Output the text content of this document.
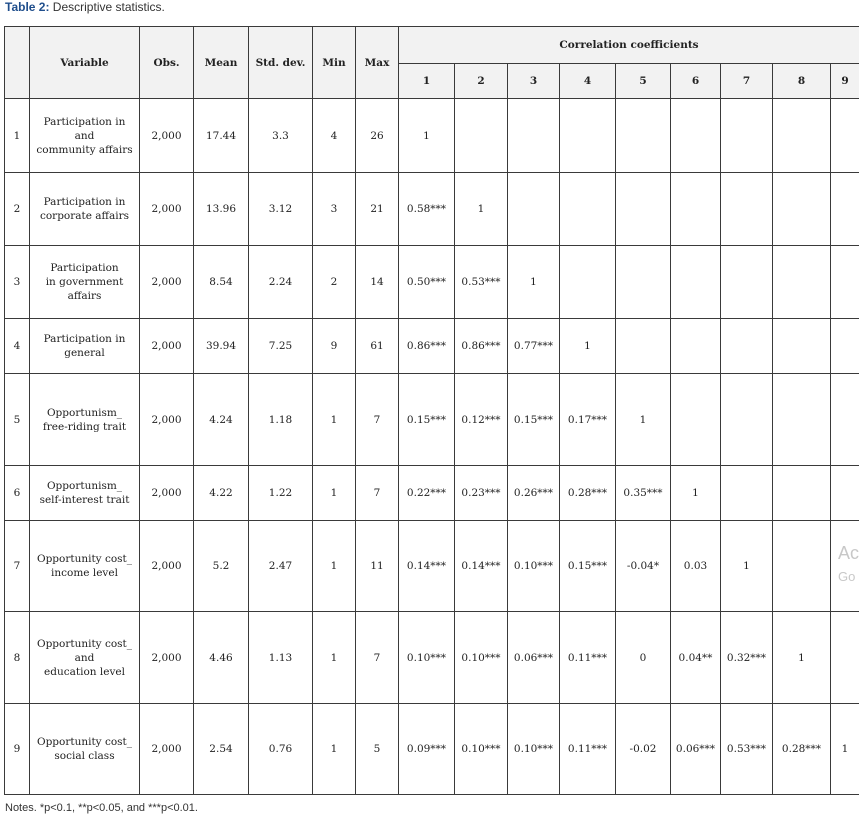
Table 2: Descriptive statistics.
	Variable	Obs.	Mean	Std. dev.	Min	Max	Correlation coefficients								
							1	2	3	4	5	6	7	8	9
1	Participation in
and
community affairs	2,000	17.44	3.3	4	26	1								
2	Participation in
corporate affairs	2,000	13.96	3.12	3	21	0.58***	1							
3	Participation
in government
affairs	2,000	8.54	2.24	2	14	0.50***	0.53***	1						
4	Participation in
general	2,000	39.94	7.25	9	61	0.86***	0.86***	0.77***	1					
5	Opportunism_
free-riding trait	2,000	4.24	1.18	1	7	0.15***	0.12***	0.15***	0.17***	1				
6	Opportunism_
self-interest trait	2,000	4.22	1.22	1	7	0.22***	0.23***	0.26***	0.28***	0.35***	1			
7	Opportunity cost_
income level	2,000	5.2	2.47	1	11	0.14***	0.14***	0.10***	0.15***	-0.04*	0.03	1		
8	Opportunity cost_
and
education level	2,000	4.46	1.13	1	7	0.10***	0.10***	0.06***	0.11***	0	0.04**	0.32***	1	
9	Opportunity cost_
social class	2,000	2.54	0.76	1	5	0.09***	0.10***	0.10***	0.11***	-0.02	0.06***	0.53***	0.28***	1
Notes. *p<0.1, **p<0.05, and ***p<0.01.
Ac
Go
